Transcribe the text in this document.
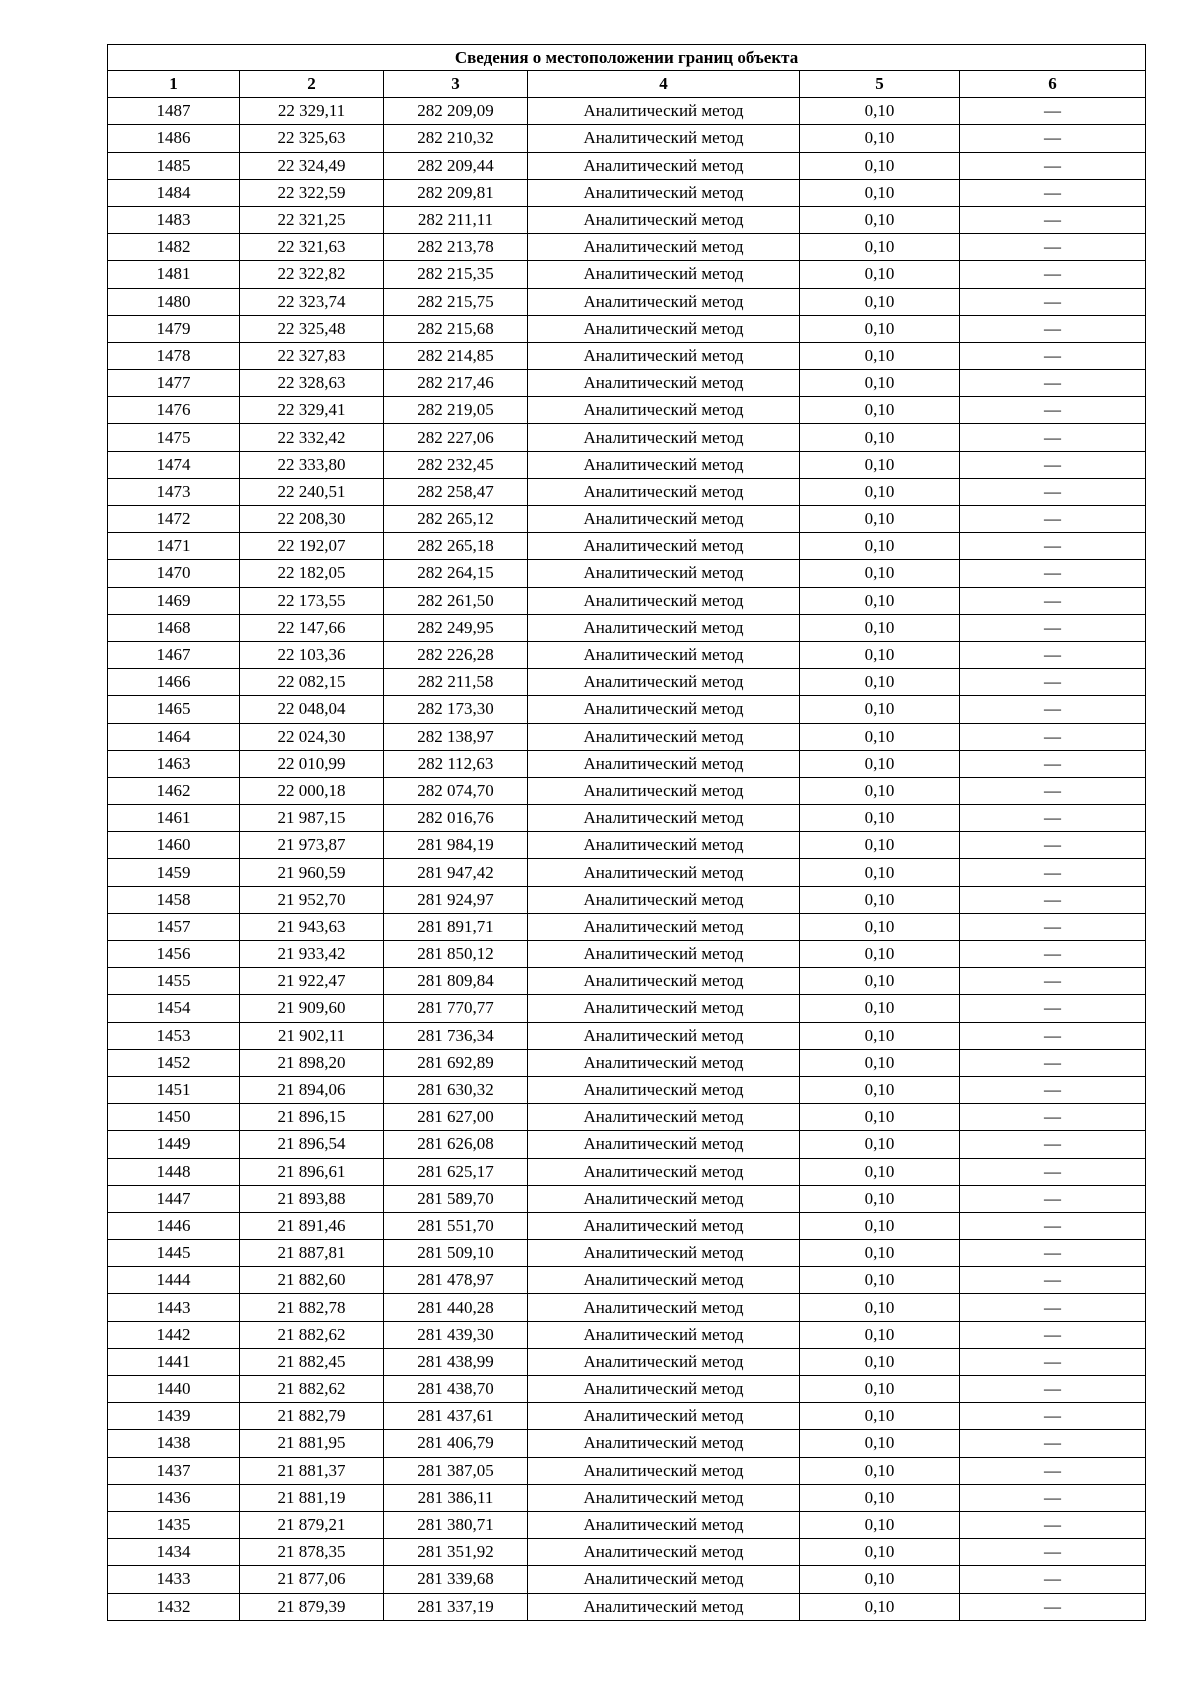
Сведения о местоположении границ объекта					
1	2	3	4	5	6
1487	22 329,11	282 209,09	Аналитический метод	0,10	—
1486	22 325,63	282 210,32	Аналитический метод	0,10	—
1485	22 324,49	282 209,44	Аналитический метод	0,10	—
1484	22 322,59	282 209,81	Аналитический метод	0,10	—
1483	22 321,25	282 211,11	Аналитический метод	0,10	—
1482	22 321,63	282 213,78	Аналитический метод	0,10	—
1481	22 322,82	282 215,35	Аналитический метод	0,10	—
1480	22 323,74	282 215,75	Аналитический метод	0,10	—
1479	22 325,48	282 215,68	Аналитический метод	0,10	—
1478	22 327,83	282 214,85	Аналитический метод	0,10	—
1477	22 328,63	282 217,46	Аналитический метод	0,10	—
1476	22 329,41	282 219,05	Аналитический метод	0,10	—
1475	22 332,42	282 227,06	Аналитический метод	0,10	—
1474	22 333,80	282 232,45	Аналитический метод	0,10	—
1473	22 240,51	282 258,47	Аналитический метод	0,10	—
1472	22 208,30	282 265,12	Аналитический метод	0,10	—
1471	22 192,07	282 265,18	Аналитический метод	0,10	—
1470	22 182,05	282 264,15	Аналитический метод	0,10	—
1469	22 173,55	282 261,50	Аналитический метод	0,10	—
1468	22 147,66	282 249,95	Аналитический метод	0,10	—
1467	22 103,36	282 226,28	Аналитический метод	0,10	—
1466	22 082,15	282 211,58	Аналитический метод	0,10	—
1465	22 048,04	282 173,30	Аналитический метод	0,10	—
1464	22 024,30	282 138,97	Аналитический метод	0,10	—
1463	22 010,99	282 112,63	Аналитический метод	0,10	—
1462	22 000,18	282 074,70	Аналитический метод	0,10	—
1461	21 987,15	282 016,76	Аналитический метод	0,10	—
1460	21 973,87	281 984,19	Аналитический метод	0,10	—
1459	21 960,59	281 947,42	Аналитический метод	0,10	—
1458	21 952,70	281 924,97	Аналитический метод	0,10	—
1457	21 943,63	281 891,71	Аналитический метод	0,10	—
1456	21 933,42	281 850,12	Аналитический метод	0,10	—
1455	21 922,47	281 809,84	Аналитический метод	0,10	—
1454	21 909,60	281 770,77	Аналитический метод	0,10	—
1453	21 902,11	281 736,34	Аналитический метод	0,10	—
1452	21 898,20	281 692,89	Аналитический метод	0,10	—
1451	21 894,06	281 630,32	Аналитический метод	0,10	—
1450	21 896,15	281 627,00	Аналитический метод	0,10	—
1449	21 896,54	281 626,08	Аналитический метод	0,10	—
1448	21 896,61	281 625,17	Аналитический метод	0,10	—
1447	21 893,88	281 589,70	Аналитический метод	0,10	—
1446	21 891,46	281 551,70	Аналитический метод	0,10	—
1445	21 887,81	281 509,10	Аналитический метод	0,10	—
1444	21 882,60	281 478,97	Аналитический метод	0,10	—
1443	21 882,78	281 440,28	Аналитический метод	0,10	—
1442	21 882,62	281 439,30	Аналитический метод	0,10	—
1441	21 882,45	281 438,99	Аналитический метод	0,10	—
1440	21 882,62	281 438,70	Аналитический метод	0,10	—
1439	21 882,79	281 437,61	Аналитический метод	0,10	—
1438	21 881,95	281 406,79	Аналитический метод	0,10	—
1437	21 881,37	281 387,05	Аналитический метод	0,10	—
1436	21 881,19	281 386,11	Аналитический метод	0,10	—
1435	21 879,21	281 380,71	Аналитический метод	0,10	—
1434	21 878,35	281 351,92	Аналитический метод	0,10	—
1433	21 877,06	281 339,68	Аналитический метод	0,10	—
1432	21 879,39	281 337,19	Аналитический метод	0,10	—
